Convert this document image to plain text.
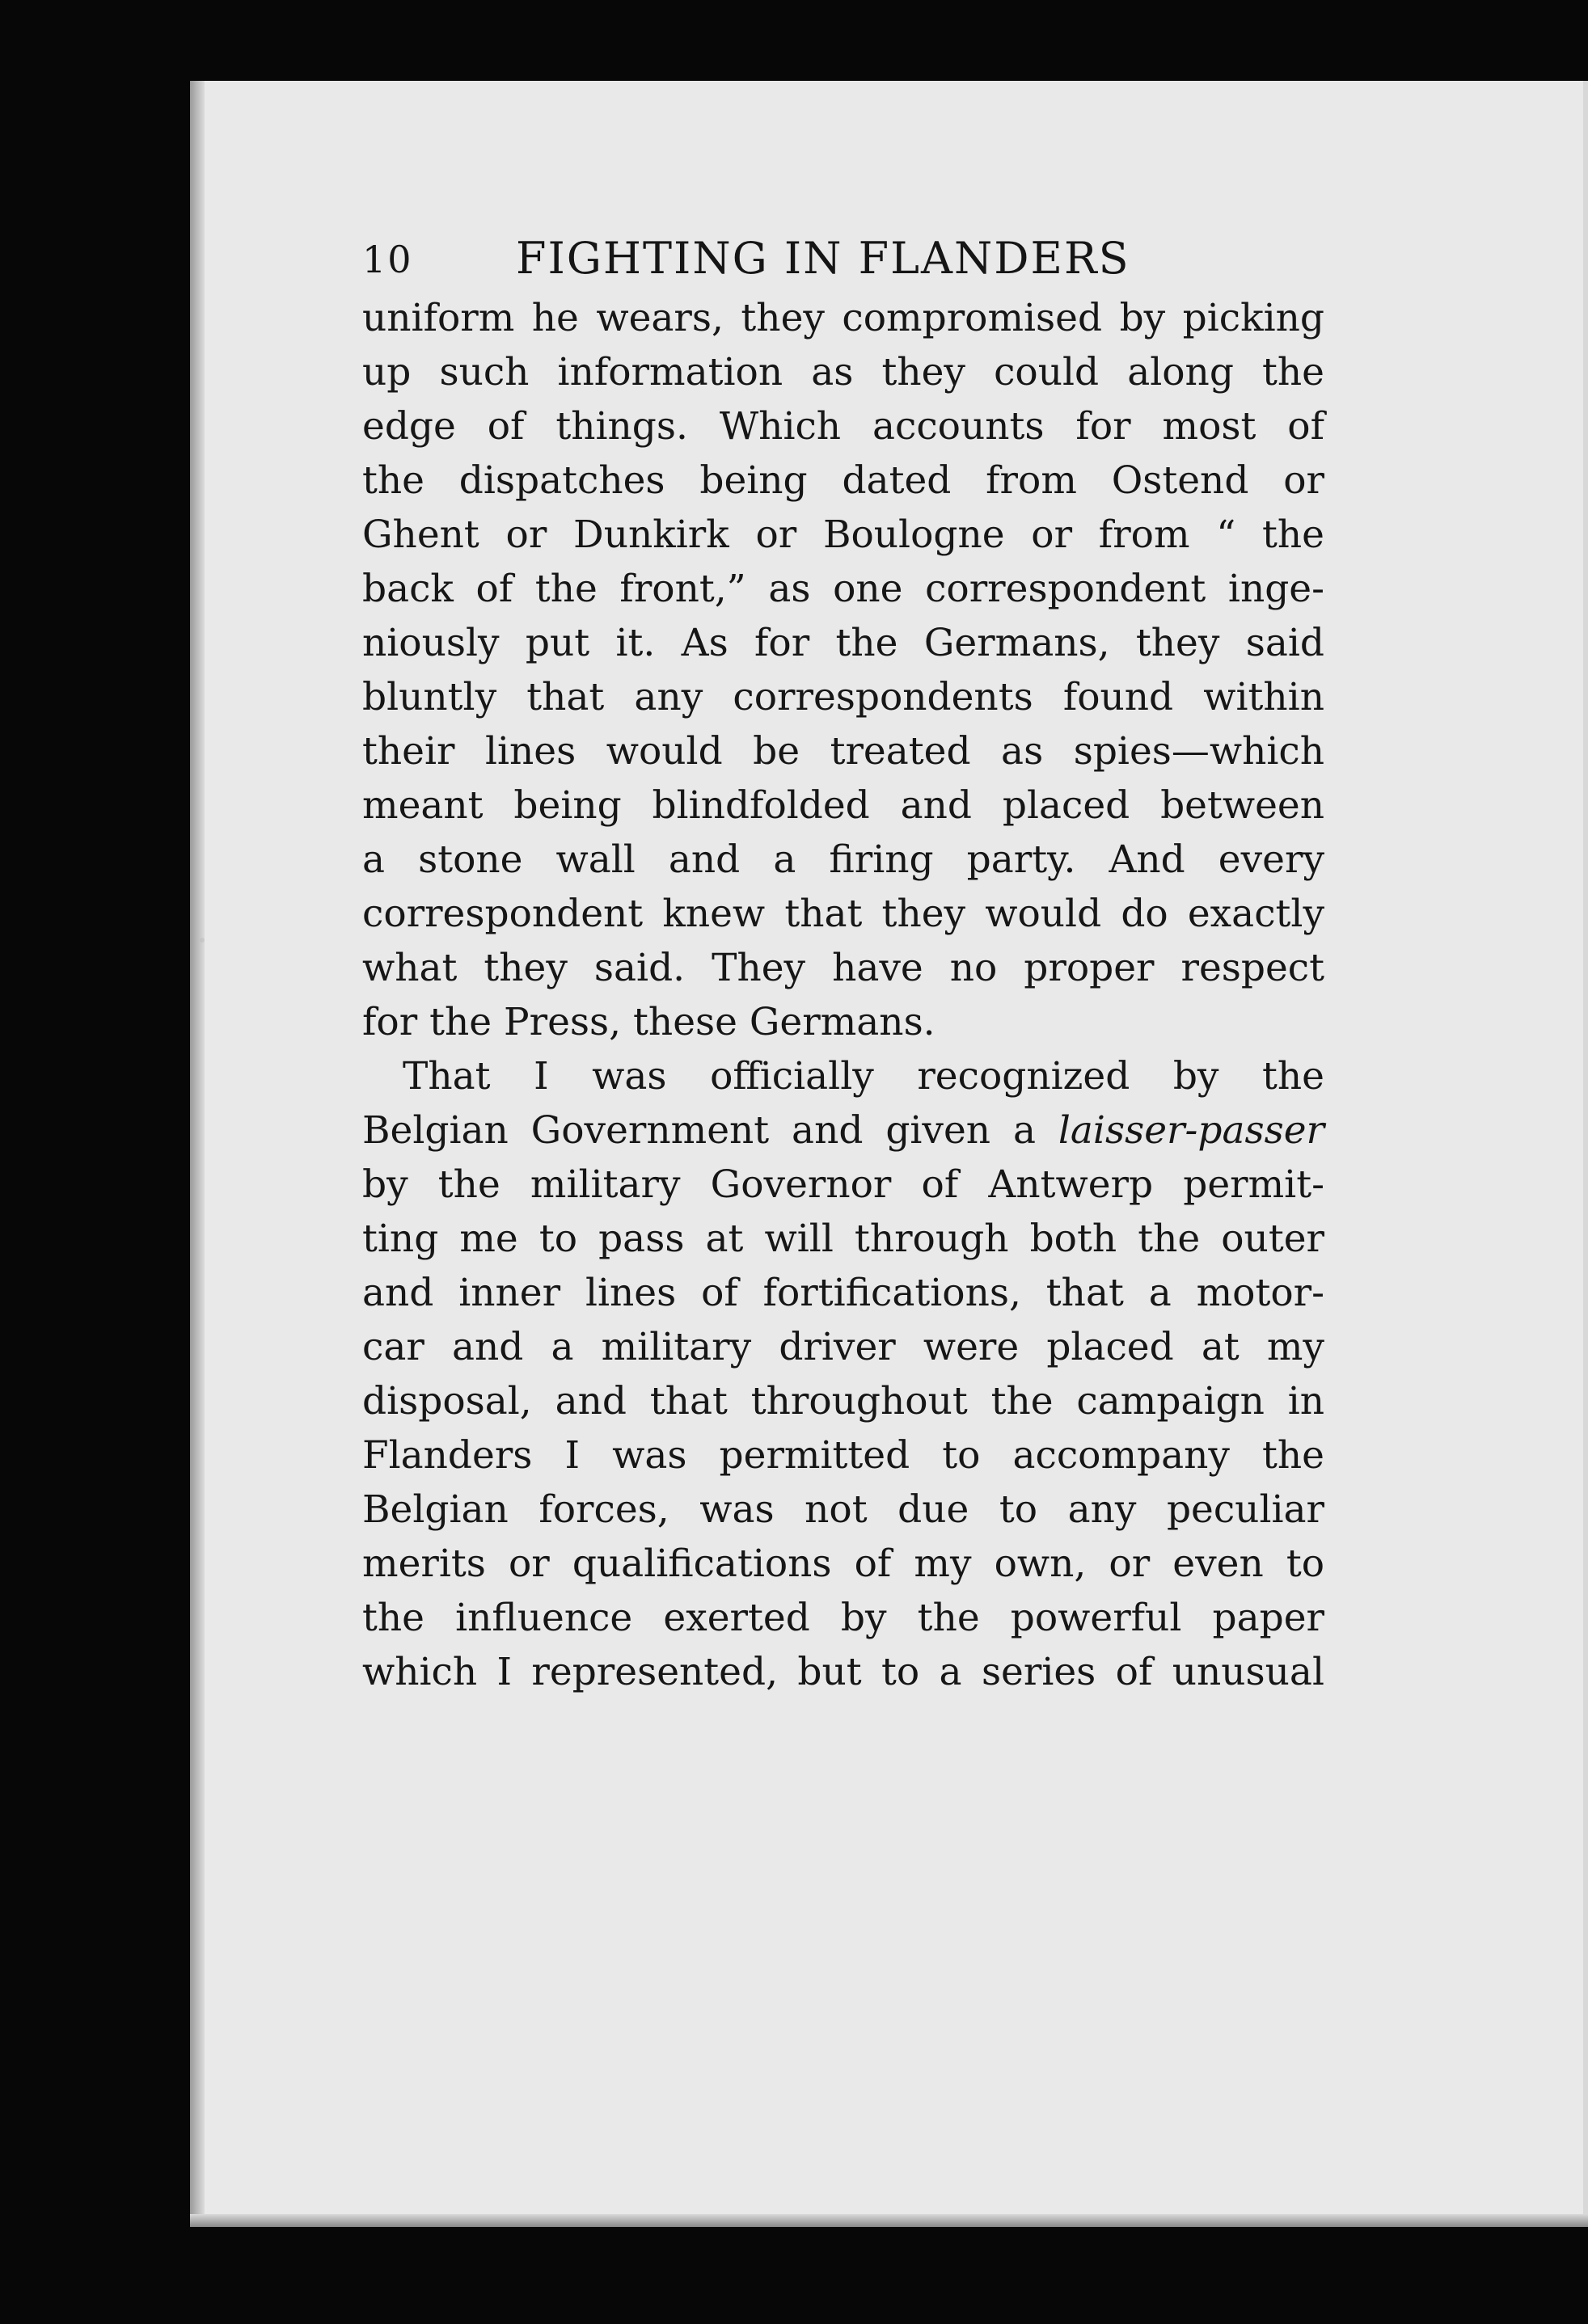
10 FIGHTING IN FLANDERS
uniform he wears, they compromised by picking
up such information as they could along the
edge of things. Which accounts for most of
the dispatches being dated from Ostend or
Ghent or Dunkirk or Boulogne or from “ the
back of the front,” as one correspondent inge-
niously put it. As for the Germans, they said
bluntly that any correspondents found within
their lines would be treated as spies—which
meant being blindfolded and placed between
a stone wall and a firing party. And every
correspondent knew that they would do exactly
what they said. They have no proper respect
for the Press, these Germans.
That I was officially recognized by the
Belgian Government and given a laisser-passer
by the military Governor of Antwerp permit-
ting me to pass at will through both the outer
and inner lines of fortifications, that a motor-
car and a military driver were placed at my
disposal, and that throughout the campaign in
Flanders I was permitted to accompany the
Belgian forces, was not due to any peculiar
merits or qualifications of my own, or even to
the influence exerted by the powerful paper
which I represented, but to a series of unusual
